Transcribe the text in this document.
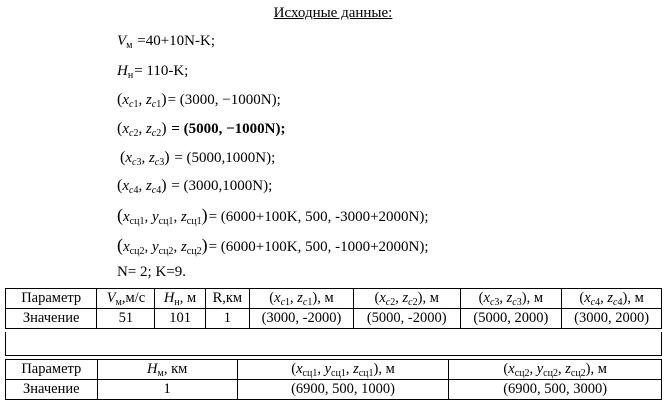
Исходные данные:
$V_м =40+10N-K$;
$H_н= 110-K$;
($x_{c1}$, $z_{c1})= (3000$, −1000N);
($x_{c2}$, $z_{c2}) = (5000$, −1000N);
($x_{c3}$, $z_{c3}) = (5000,1000N)$;
($x_{c4}$, $z_{c4}) = (3000,1000N)$;
($x_{сц1}$, $y_{сц1}$, $z_{сц1})= (6000+100K$, 500, -3000+2000N);
($x_{сц2}$, $y_{сц2}$, $z_{сц2})= (6000+100K$, 500, -1000+2000N);
N= 2; K=9.
Параметр	$V_м,м/с$	$H_н$, м	R,км	($x_{c1}$, $z_{c1}$), м	($x_{c2}$, $z_{c2}$), м	($x_{c3}$, $z_{c3}$), м	($x_{c4}$, $z_{c4}$), м
Значение	51	101	1	(3000, -2000)	(5000, -2000)	(5000, 2000)	(3000, 2000)
Параметр	$H_м$, км	($x_{сц1}$, $y_{сц1}$, $z_{сц1}$), м	($x_{сц2}$, $y_{сц2}$, $z_{сц2}$), м
Значение	1	(6900, 500, 1000)	(6900, 500, 3000)
